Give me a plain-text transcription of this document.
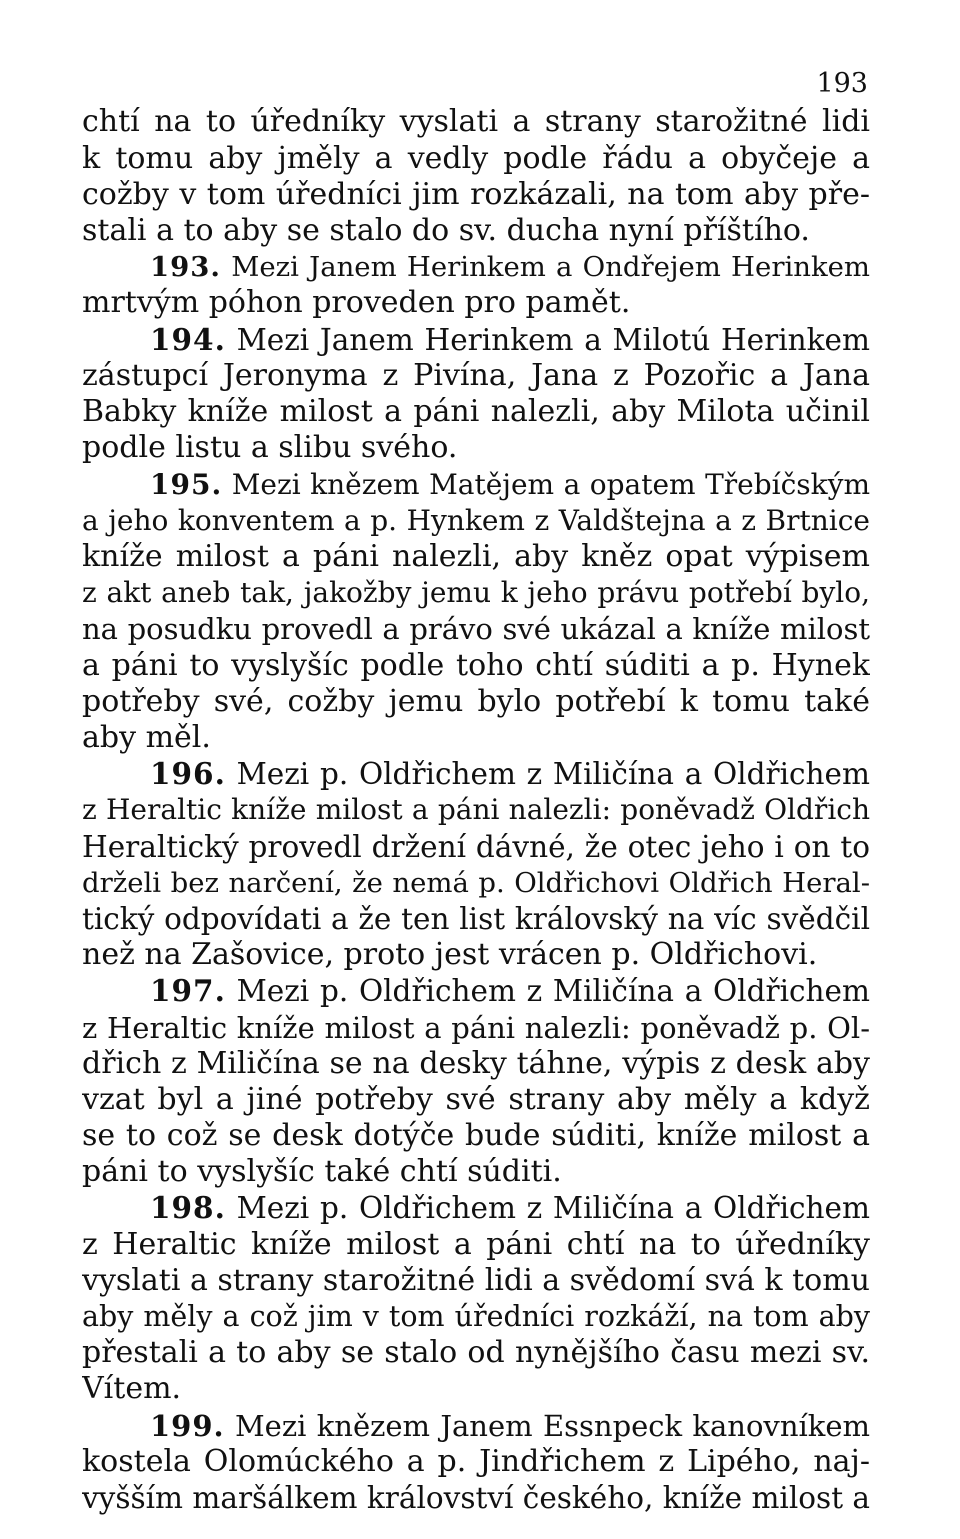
193
chtí na to úředníky vyslati a strany starožitné lidi
k tomu aby jměly a vedly podle řádu a obyčeje a
cožby v tom úředníci jim rozkázali, na tom aby pře-
stali a to aby se stalo do sv. ducha nyní příštího.
193. Mezi Janem Herinkem a Ondřejem Herinkem
mrtvým póhon proveden pro pamět.
194. Mezi Janem Herinkem a Milotú Herinkem
zástupcí Jeronyma z Pivína, Jana z Pozořic a Jana
Babky kníže milost a páni nalezli, aby Milota učinil
podle listu a slibu svého.
195. Mezi knězem Matějem a opatem Třebíčským
a jeho konventem a p. Hynkem z Valdštejna a z Brtnice
kníže milost a páni nalezli, aby kněz opat výpisem
z akt aneb tak, jakožby jemu k jeho právu potřebí bylo,
na posudku provedl a právo své ukázal a kníže milost
a páni to vyslyšíc podle toho chtí súditi a p. Hynek
potřeby své, cožby jemu bylo potřebí k tomu také
aby měl.
196. Mezi p. Oldřichem z Miličína a Oldřichem
z Heraltic kníže milost a páni nalezli: poněvadž Oldřich
Heraltický provedl držení dávné, že otec jeho i on to
drželi bez narčení, že nemá p. Oldřichovi Oldřich Heral-
tický odpovídati a že ten list královský na víc svědčil
než na Zašovice, proto jest vrácen p. Oldřichovi.
197. Mezi p. Oldřichem z Miličína a Oldřichem
z Heraltic kníže milost a páni nalezli: poněvadž p. Ol-
dřich z Miličína se na desky táhne, výpis z desk aby
vzat byl a jiné potřeby své strany aby měly a když
se to což se desk dotýče bude súditi, kníže milost a
páni to vyslyšíc také chtí súditi.
198. Mezi p. Oldřichem z Miličína a Oldřichem
z Heraltic kníže milost a páni chtí na to úředníky
vyslati a strany starožitné lidi a svědomí svá k tomu
aby měly a což jim v tom úředníci rozkáží, na tom aby
přestali a to aby se stalo od nynějšího času mezi sv.
Vítem.
199. Mezi knězem Janem Essnpeck kanovníkem
kostela Olomúckého a p. Jindřichem z Lipého, naj-
vyšším maršálkem království českého, kníže milost a
